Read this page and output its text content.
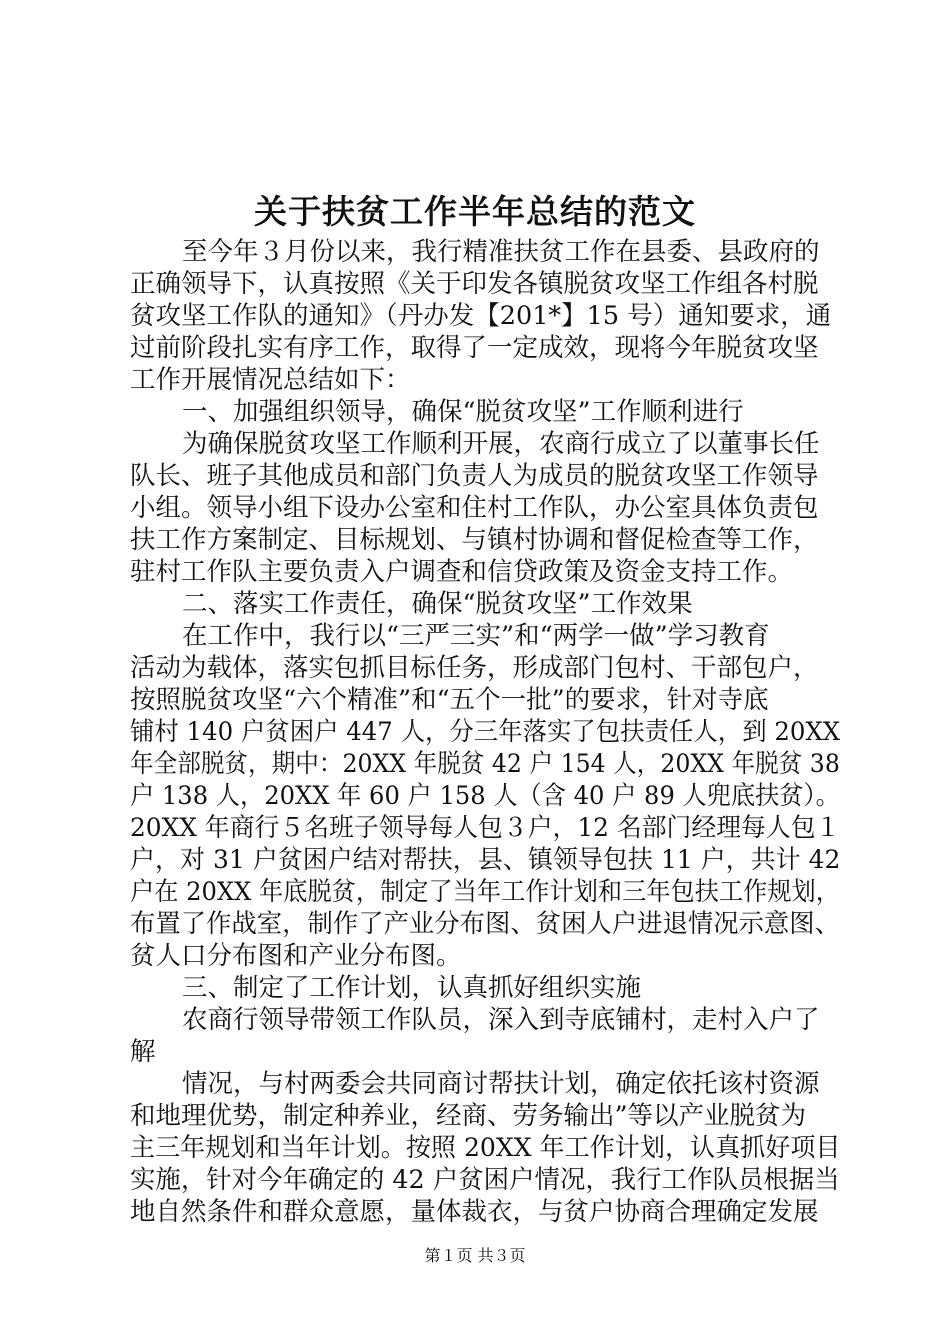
关于扶贫工作半年总结的范文
至今年３月份以来，我行精准扶贫工作在县委、县政府的
正确领导下，认真按照《关于印发各镇脱贫攻坚工作组各村脱
贫攻坚工作队的通知》（丹办发【201*】15 号）通知要求，通
过前阶段扎实有序工作，取得了一定成效，现将今年脱贫攻坚
工作开展情况总结如下：
一、加强组织领导，确保“脱贫攻坚”工作顺利进行
为确保脱贫攻坚工作顺利开展，农商行成立了以董事长任
队长、班子其他成员和部门负责人为成员的脱贫攻坚工作领导
小组。领导小组下设办公室和住村工作队，办公室具体负责包
扶工作方案制定、目标规划、与镇村协调和督促检查等工作，
驻村工作队主要负责入户调查和信贷政策及资金支持工作。
二、落实工作责任，确保“脱贫攻坚”工作效果
在工作中，我行以“三严三实”和“两学一做”学习教育
活动为载体，落实包抓目标任务，形成部门包村、干部包户，
按照脱贫攻坚“六个精准”和“五个一批”的要求，针对寺底
铺村 140 户贫困户 447 人，分三年落实了包扶责任人，到 20XX
年全部脱贫，期中：20XX 年脱贫 42 户 154 人，20XX 年脱贫 38
户 138 人，20XX 年 60 户 158 人（含 40 户 89 人兜底扶贫）。
20XX 年商行５名班子领导每人包３户，12 名部门经理每人包１
户，对 31 户贫困户结对帮扶，县、镇领导包扶 11 户，共计 42
户在 20XX 年底脱贫，制定了当年工作计划和三年包扶工作规划，
布置了作战室，制作了产业分布图、贫困人户进退情况示意图、
贫人口分布图和产业分布图。
三、制定了工作计划，认真抓好组织实施
农商行领导带领工作队员，深入到寺底铺村，走村入户了
解
情况，与村两委会共同商讨帮扶计划，确定依托该村资源
和地理优势，制定种养业，经商、劳务输出”等以产业脱贫为
主三年规划和当年计划。按照 20XX 年工作计划，认真抓好项目
实施，针对今年确定的 42 户贫困户情况，我行工作队员根据当
地自然条件和群众意愿，量体裁衣，与贫户协商合理确定发展
第１页 共３页
